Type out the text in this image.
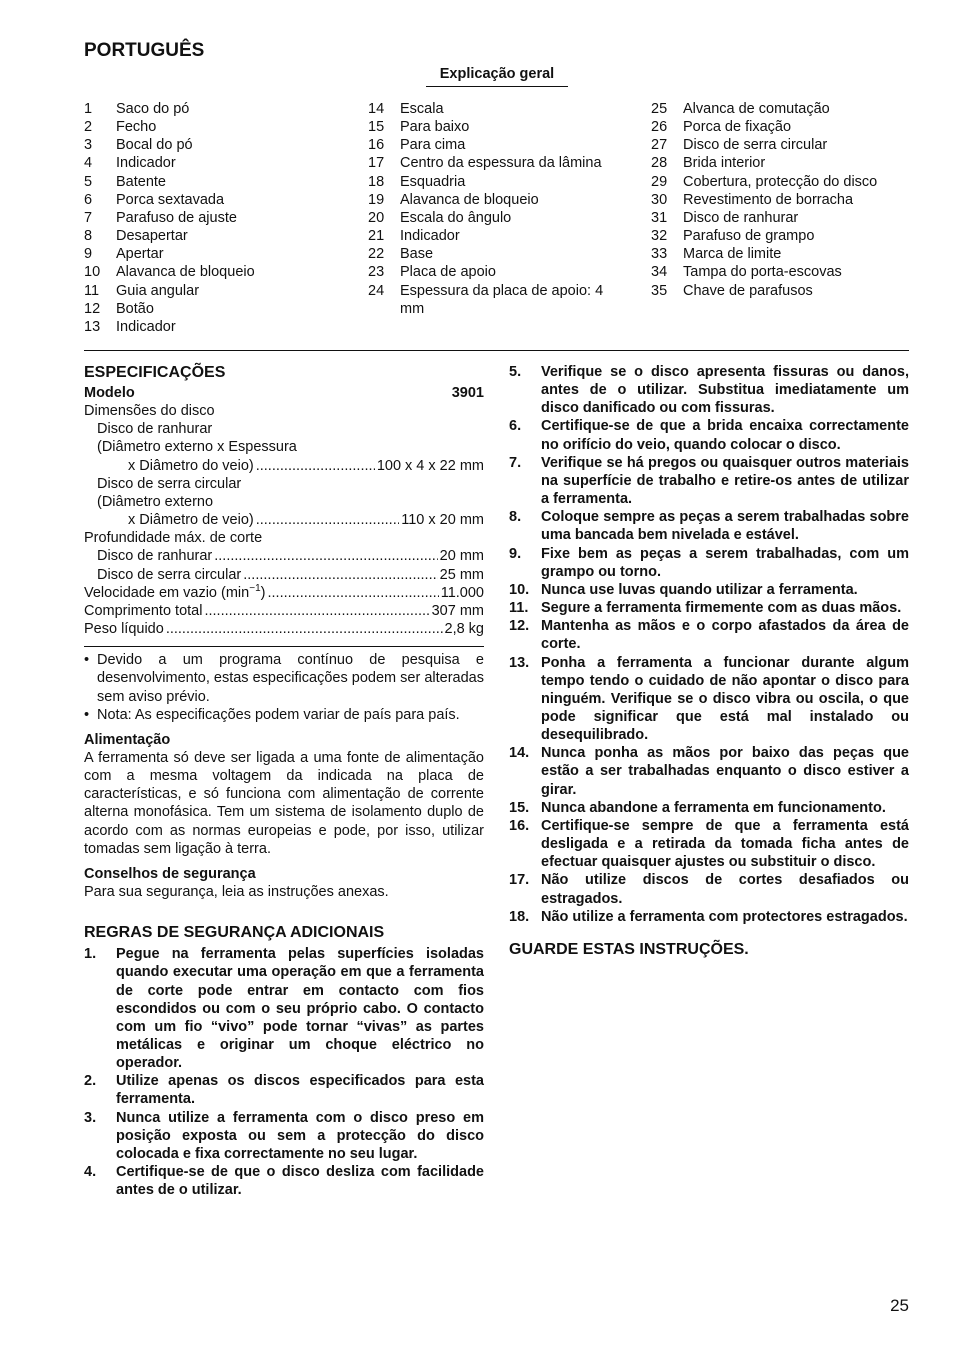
PORTUGUÊS
Explicação geral
1 Saco do pó
2 Fecho
3 Bocal do pó
4 Indicador
5 Batente
6 Porca sextavada
7 Parafuso de ajuste
8 Desapertar
9 Apertar
10 Alavanca de bloqueio
11 Guia angular
12 Botão
13 Indicador
14 Escala
15 Para baixo
16 Para cima
17 Centro da espessura da lâmina
18 Esquadria
19 Alavanca de bloqueio
20 Escala do ângulo
21 Indicador
22 Base
23 Placa de apoio
24 Espessura da placa de apoio: 4 mm
25 Alvanca de comutação
26 Porca de fixação
27 Disco de serra circular
28 Brida interior
29 Cobertura, protecção do disco
30 Revestimento de borracha
31 Disco de ranhurar
32 Parafuso de grampo
33 Marca de limite
34 Tampa do porta-escovas
35 Chave de parafusos
ESPECIFICAÇÕES
Modelo	3901
Dimensões do disco
Disco de ranhurar
(Diâmetro externo x Espessura
x Diâmetro do veio) .....	100 x 4 x 22 mm
Disco de serra circular
(Diâmetro externo
x Diâmetro de veio) .....	110 x 20 mm
Profundidade máx. de corte
Disco de ranhurar .....	20 mm
Disco de serra circular .....	25 mm
Velocidade em vazio $(\min^{-1})$ .....	11.000
Comprimento total .....	307 mm
Peso líquido .....	2,8 kg
• Devido a um programa contínuo de pesquisa e desenvolvimento, estas especificações podem ser alteradas sem aviso prévio.
• Nota: As especificações podem variar de país para país.
Alimentação
A ferramenta só deve ser ligada a uma fonte de alimentação com a mesma voltagem da indicada na placa de características, e só funciona com alimentação de corrente alterna monofásica. Tem um sistema de isolamento duplo de acordo com as normas europeias e pode, por isso, utilizar tomadas sem ligação à terra.
Conselhos de segurança
Para sua segurança, leia as instruções anexas.
REGRAS DE SEGURANÇA ADICIONAIS
1. Pegue na ferramenta pelas superfícies isoladas quando executar uma operação em que a ferramenta de corte pode entrar em contacto com fios escondidos ou com o seu próprio cabo. O contacto com um fio “vivo” pode tornar “vivas” as partes metálicas e originar um choque eléctrico no operador.
2. Utilize apenas os discos especificados para esta ferramenta.
3. Nunca utilize a ferramenta com o disco preso em posição exposta ou sem a protecção do disco colocada e fixa correctamente no seu lugar.
4. Certifique-se de que o disco desliza com facilidade antes de o utilizar.
5. Verifique se o disco apresenta fissuras ou danos, antes de o utilizar. Substitua imediatamente um disco danificado ou com fissuras.
6. Certifique-se de que a brida encaixa correctamente no orifício do veio, quando colocar o disco.
7. Verifique se há pregos ou quaisquer outros materiais na superfície de trabalho e retire-os antes de utilizar a ferramenta.
8. Coloque sempre as peças a serem trabalhadas sobre uma bancada bem nivelada e estável.
9. Fixe bem as peças a serem trabalhadas, com um grampo ou torno.
10. Nunca use luvas quando utilizar a ferramenta.
11. Segure a ferramenta firmemente com as duas mãos.
12. Mantenha as mãos e o corpo afastados da área de corte.
13. Ponha a ferramenta a funcionar durante algum tempo tendo o cuidado de não apontar o disco para ninguém. Verifique se o disco vibra ou oscila, o que pode significar que está mal instalado ou desequilibrado.
14. Nunca ponha as mãos por baixo das peças que estão a ser trabalhadas enquanto o disco estiver a girar.
15. Nunca abandone a ferramenta em funcionamento.
16. Certifique-se sempre de que a ferramenta está desligada e a retirada da tomada ficha antes de efectuar quaisquer ajustes ou substituir o disco.
17. Não utilize discos de cortes desafiados ou estragados.
18. Não utilize a ferramenta com protectores estragados.
GUARDE ESTAS INSTRUÇÕES.
25
